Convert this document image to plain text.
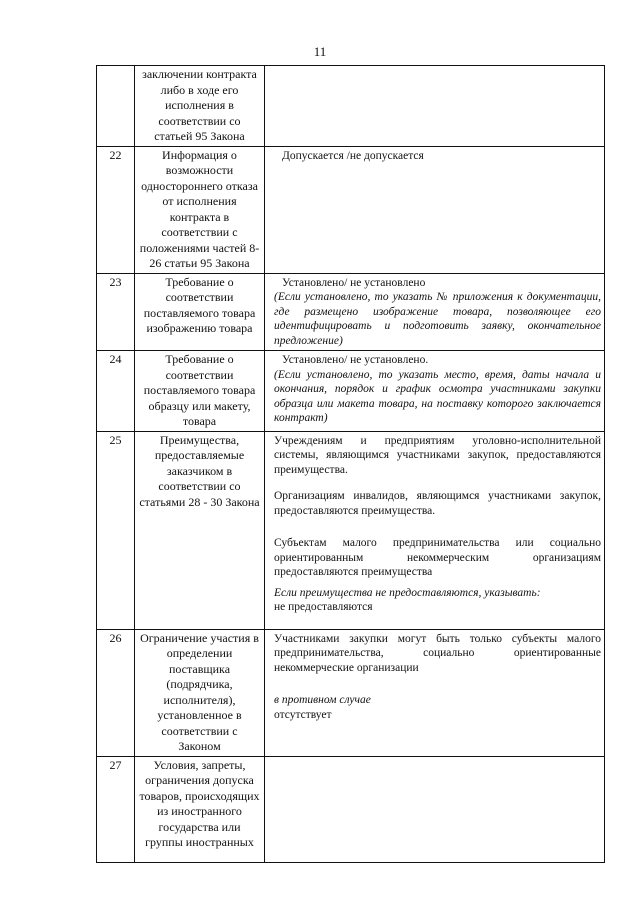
11
	заключении контракта либо в ходе его исполнения в соответствии со статьей 95 Закона	
22	Информация о возможности одностороннего отказа от исполнения контракта в соответствии с положениями частей 8-26 статьи 95 Закона	Допускается /не допускается

23	Требование о соответствии поставляемого товара изображению товара	Установлено/ не установлено
(Если установлено, то указать № приложения к документации, где размещено изображение товара, позволяющее его идентифицировать и подготовить заявку, окончательное предложение)

24	Требование о соответствии поставляемого товара образцу или макету, товара	Установлено/ не установлено.
(Если установлено, то указать место, время, даты начала и окончания, порядок и график осмотра участниками закупки образца или макета товара, на поставку которого заключается контракт)

25	Преимущества, предоставляемые заказчиком в соответствии со статьями 28 - 30 Закона	Учреждениям и предприятиям уголовно-исполнительной системы, являющимся участниками закупок, предоставляются преимущества.
Организациям инвалидов, являющимся участниками закупок, предоставляются преимущества.
Субъектам малого предпринимательства или социально ориентированным некоммерческим организациям предоставляются преимущества
Если преимущества не предоставляются, указывать:
не предоставляются

26	Ограничение участия в определении поставщика (подрядчика, исполнителя), установленное в соответствии с Законом	Участниками закупки могут быть только субъекты малого предпринимательства, социально ориентированные некоммерческие организации
в противном случае
отсутствует

27	Условия, запреты, ограничения допуска товаров, происходящих из иностранного государства или группы иностранных	
